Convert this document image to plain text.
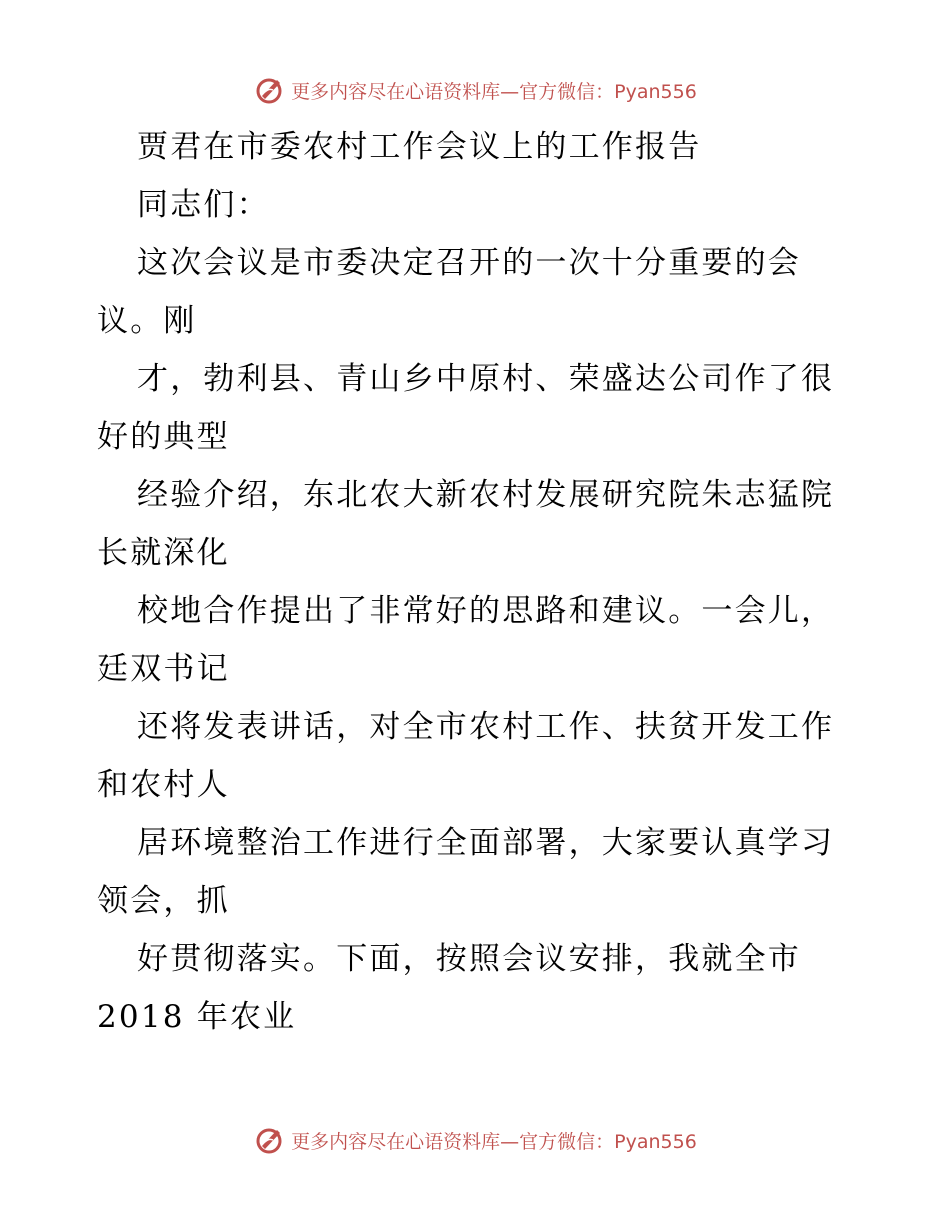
更多内容尽在心语资料库—官方微信：Pyan556
贾君在市委农村工作会议上的工作报告
同志们：
这次会议是市委决定召开的一次十分重要的会
议。刚
才，勃利县、青山乡中原村、荣盛达公司作了很
好的典型
经验介绍，东北农大新农村发展研究院朱志猛院
长就深化
校地合作提出了非常好的思路和建议。一会儿，
廷双书记
还将发表讲话，对全市农村工作、扶贫开发工作
和农村人
居环境整治工作进行全面部署，大家要认真学习
领会，抓
好贯彻落实。下面，按照会议安排，我就全市
2018 年农业
更多内容尽在心语资料库—官方微信：Pyan556
